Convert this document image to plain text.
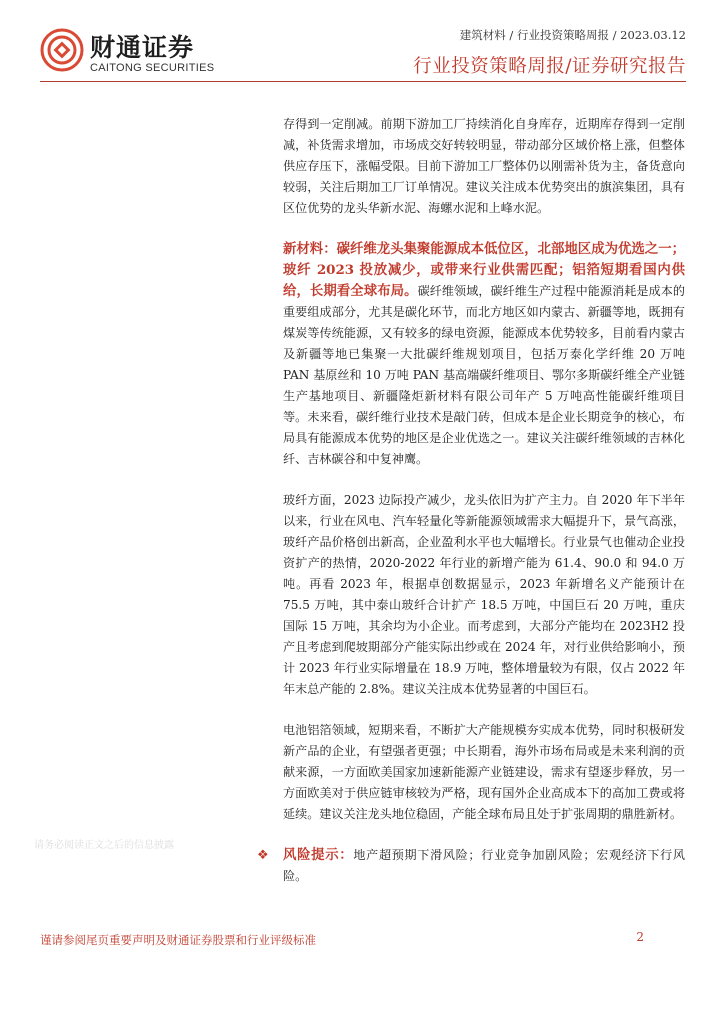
财通证券
CAITONG SECURITIES
建筑材料 / 行业投资策略周报 / 2023.03.12
行业投资策略周报/证券研究报告

存得到一定削减。前期下游加工厂持续消化自身库存，近期库存得到一定削减，补货需求增加，市场成交好转较明显，带动部分区域价格上涨，但整体供应存压下，涨幅受限。目前下游加工厂整体仍以刚需补货为主，备货意向较弱，关注后期加工厂订单情况。建议关注成本优势突出的旗滨集团，具有区位优势的龙头华新水泥、海螺水泥和上峰水泥。

新材料：碳纤维龙头集聚能源成本低位区，北部地区成为优选之一；玻纤 2023 投放减少，或带来行业供需匹配；铝箔短期看国内供给，长期看全球布局。碳纤维领域，碳纤维生产过程中能源消耗是成本的重要组成部分，尤其是碳化环节，而北方地区如内蒙古、新疆等地，既拥有煤炭等传统能源，又有较多的绿电资源，能源成本优势较多，目前看内蒙古及新疆等地已集聚一大批碳纤维规划项目，包括万泰化学纤维 20 万吨 PAN 基原丝和 10 万吨 PAN 基高端碳纤维项目、鄂尔多斯碳纤维全产业链生产基地项目、新疆隆炬新材料有限公司年产 5 万吨高性能碳纤维项目等。未来看，碳纤维行业技术是敲门砖，但成本是企业长期竞争的核心，布局具有能源成本优势的地区是企业优选之一。建议关注碳纤维领域的吉林化纤、吉林碳谷和中复神鹰。

玻纤方面，2023 边际投产减少，龙头依旧为扩产主力。自 2020 年下半年以来，行业在风电、汽车轻量化等新能源领域需求大幅提升下，景气高涨，玻纤产品价格创出新高，企业盈利水平也大幅增长。行业景气也催动企业投资扩产的热情，2020-2022 年行业的新增产能为 61.4、90.0 和 94.0 万吨。再看 2023 年，根据卓创数据显示，2023 年新增名义产能预计在 75.5 万吨，其中泰山玻纤合计扩产 18.5 万吨，中国巨石 20 万吨，重庆国际 15 万吨，其余均为小企业。而考虑到，大部分产能均在 2023H2 投产且考虑到爬坡期部分产能实际出纱或在 2024 年，对行业供给影响小，预计 2023 年行业实际增量在 18.9 万吨，整体增量较为有限，仅占 2022 年年末总产能的 2.8%。建议关注成本优势显著的中国巨石。

电池铝箔领域，短期来看，不断扩大产能规模夯实成本优势，同时积极研发新产品的企业，有望强者更强；中长期看，海外市场布局或是未来利润的贡献来源，一方面欧美国家加速新能源产业链建设，需求有望逐步释放，另一方面欧美对于供应链审核较为严格，现有国外企业高成本下的高加工费或将延续。建议关注龙头地位稳固，产能全球布局且处于扩张周期的鼎胜新材。

❖ 风险提示：地产超预期下滑风险；行业竞争加剧风险；宏观经济下行风险。

请务必阅读正文之后的信息披露
谨请参阅尾页重要声明及财通证券股票和行业评级标准	2
